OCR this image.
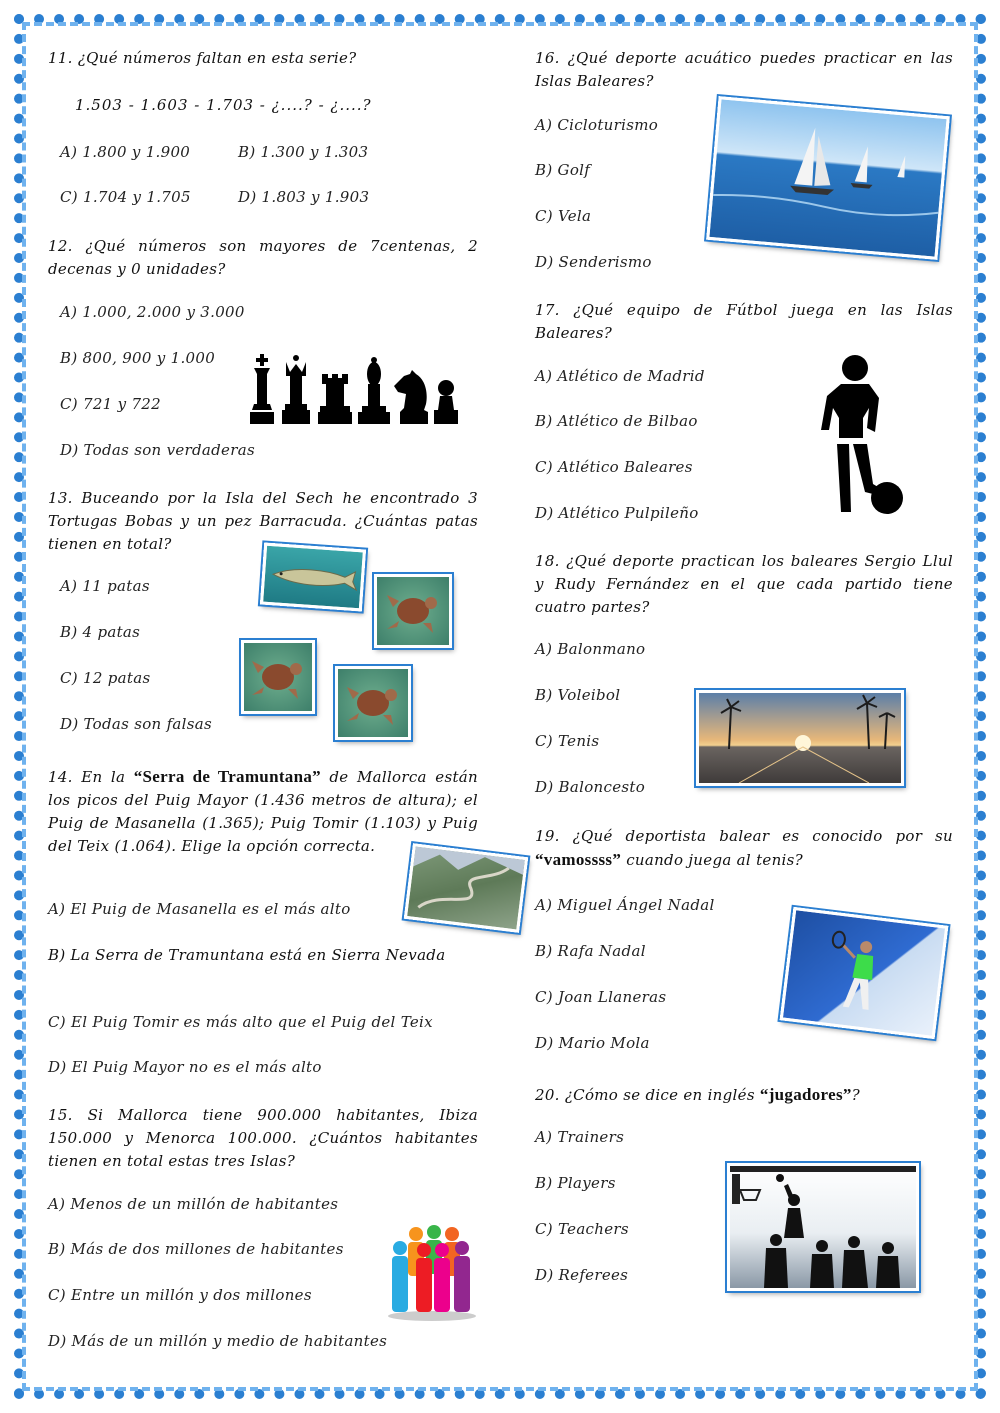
11. ¿Qué números faltan en esta serie?
1.503 - 1.603 - 1.703 - ¿....? - ¿....?
A) 1.800 y 1.900	B) 1.300 y 1.303
C) 1.704 y 1.705	D) 1.803 y 1.903
12. ¿Qué números son mayores de 7centenas, 2 decenas y 0 unidades?
A) 1.000, 2.000 y 3.000
B) 800, 900 y 1.000
C) 721 y 722
D) Todas son verdaderas
13. Buceando por la Isla del Sech he encontrado 3 Tortugas Bobas y un pez Barracuda. ¿Cuántas patas tienen en total?
A) 11 patas
B) 4 patas
C) 12 patas
D) Todas son falsas
14. En la “Serra de Tramuntana” de Mallorca están los picos del Puig Mayor (1.436 metros de altura); el Puig de Masanella (1.365); Puig Tomir (1.103) y Puig del Teix (1.064). Elige la opción correcta.
A) El Puig de Masanella es el más alto
B) La Serra de Tramuntana está en Sierra Nevada
C) El Puig Tomir es más alto que el Puig del Teix
D) El Puig Mayor no es el más alto
15. Si Mallorca tiene 900.000 habitantes, Ibiza 150.000 y Menorca 100.000. ¿Cuántos habitantes tienen en total estas tres Islas?
A) Menos de un millón de habitantes
B) Más de dos millones de habitantes
C) Entre un millón y dos millones
D) Más de un millón y medio de habitantes
16. ¿Qué deporte acuático puedes practicar en las Islas Baleares?
A) Cicloturismo
B) Golf
C) Vela
D) Senderismo
17. ¿Qué equipo de Fútbol juega en las Islas Baleares?
A) Atlético de Madrid
B) Atlético de Bilbao
C) Atlético Baleares
D) Atlético Pulpileño
18. ¿Qué deporte practican los baleares Sergio Llul y Rudy Fernández en el que cada partido tiene cuatro partes?
A) Balonmano
B) Voleibol
C) Tenis
D) Baloncesto
19. ¿Qué deportista balear es conocido por su “vamossss” cuando juega al tenis?
A) Miguel Ángel Nadal
B) Rafa Nadal
C) Joan Llaneras
D) Mario Mola
20. ¿Cómo se dice en inglés “jugadores”?
A) Trainers
B) Players
C) Teachers
D) Referees
